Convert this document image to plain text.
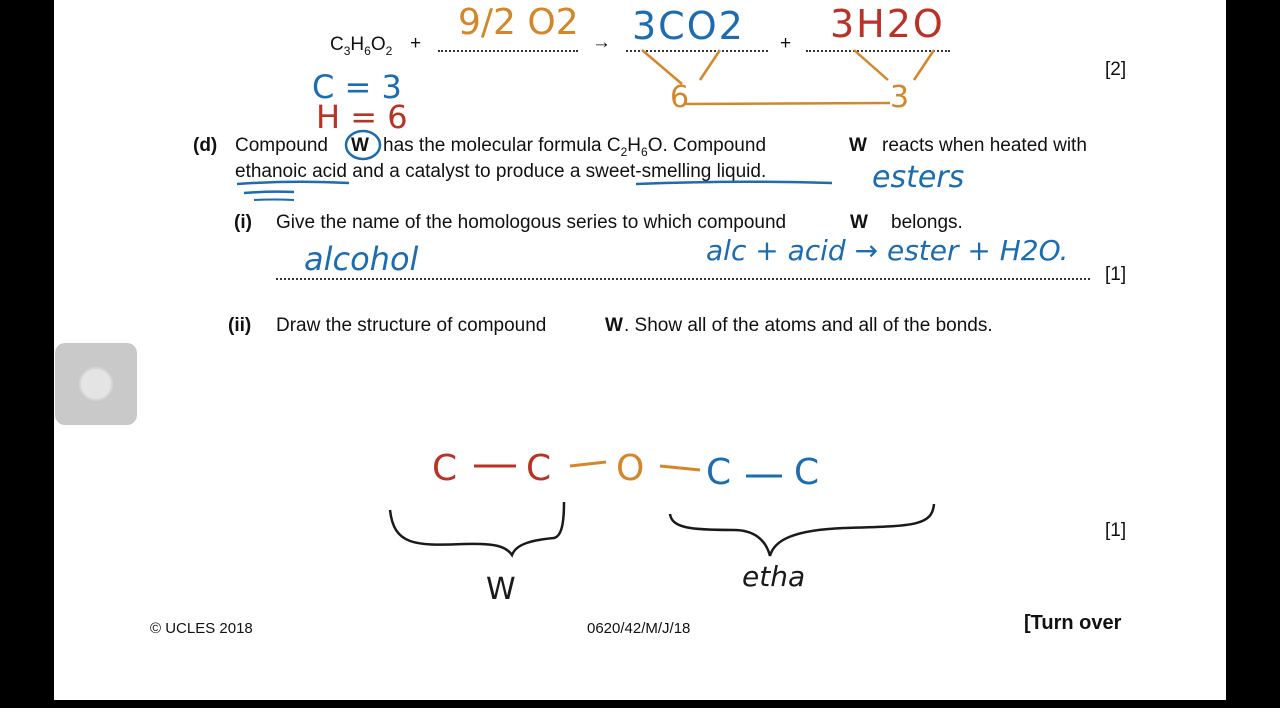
$C_3H_6O_2$ +	→	+
[2]
(d) Compound W has the molecular formula $C_2H_6O$. Compound	W reacts when heated with
ethanoic acid and a catalyst to produce a sweet-smelling liquid.
(i) Give the name of the homologous series to which compound	W belongs.
[1]
(ii) Draw the structure of compound	W . Show all of the atoms and all of the bonds.
[1]
© UCLES 2018	0620/42/M/J/18	[Turn over
9/2 O2 3CO2 3H2O
C = 3
H = 6
6	3
esters
alcohol	alc + acid → ester + H2O.
C C O C C
W	etha
